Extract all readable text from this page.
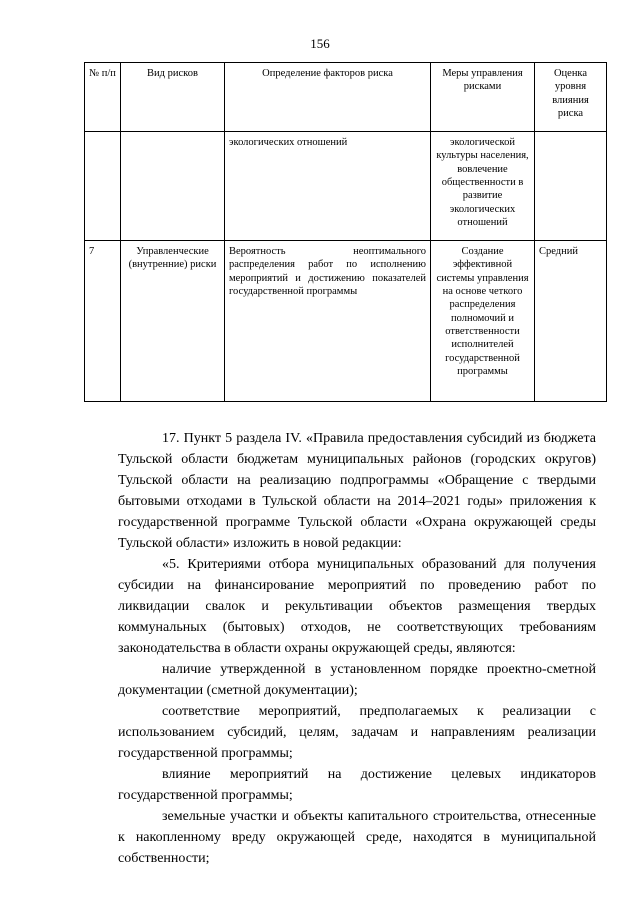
156
№ п/п	Вид рисков	Определение факторов риска	Меры управления рисками	Оценка уровня влияния риска
		экологических отношений	экологической культуры населения, вовлечение общественности в развитие экологических отношений	
7	Управленческие (внутренние) риски	Вероятность неоптимального распределения работ по исполнению мероприятий и достижению показателей государственной программы	Создание эффективной системы управления на основе четкого распределения полномочий и ответственности исполнителей государственной программы	Средний

17. Пункт 5 раздела IV. «Правила предоставления субсидий из бюджета Тульской области бюджетам муниципальных районов (городских округов) Тульской области на реализацию подпрограммы «Обращение с твердыми бытовыми отходами в Тульской области на 2014–2021 годы» приложения к государственной программе Тульской области «Охрана окружающей среды Тульской области» изложить в новой редакции:

«5. Критериями отбора муниципальных образований для получения субсидии на финансирование мероприятий по проведению работ по ликвидации свалок и рекультивации объектов размещения твердых коммунальных (бытовых) отходов, не соответствующих требованиям законодательства в области охраны окружающей среды, являются:

наличие утвержденной в установленном порядке проектно-сметной документации (сметной документации);

соответствие мероприятий, предполагаемых к реализации с использованием субсидий, целям, задачам и направлениям реализации государственной программы;

влияние мероприятий на достижение целевых индикаторов государственной программы;

земельные участки и объекты капитального строительства, отнесенные к накопленному вреду окружающей среде, находятся в муниципальной собственности;
